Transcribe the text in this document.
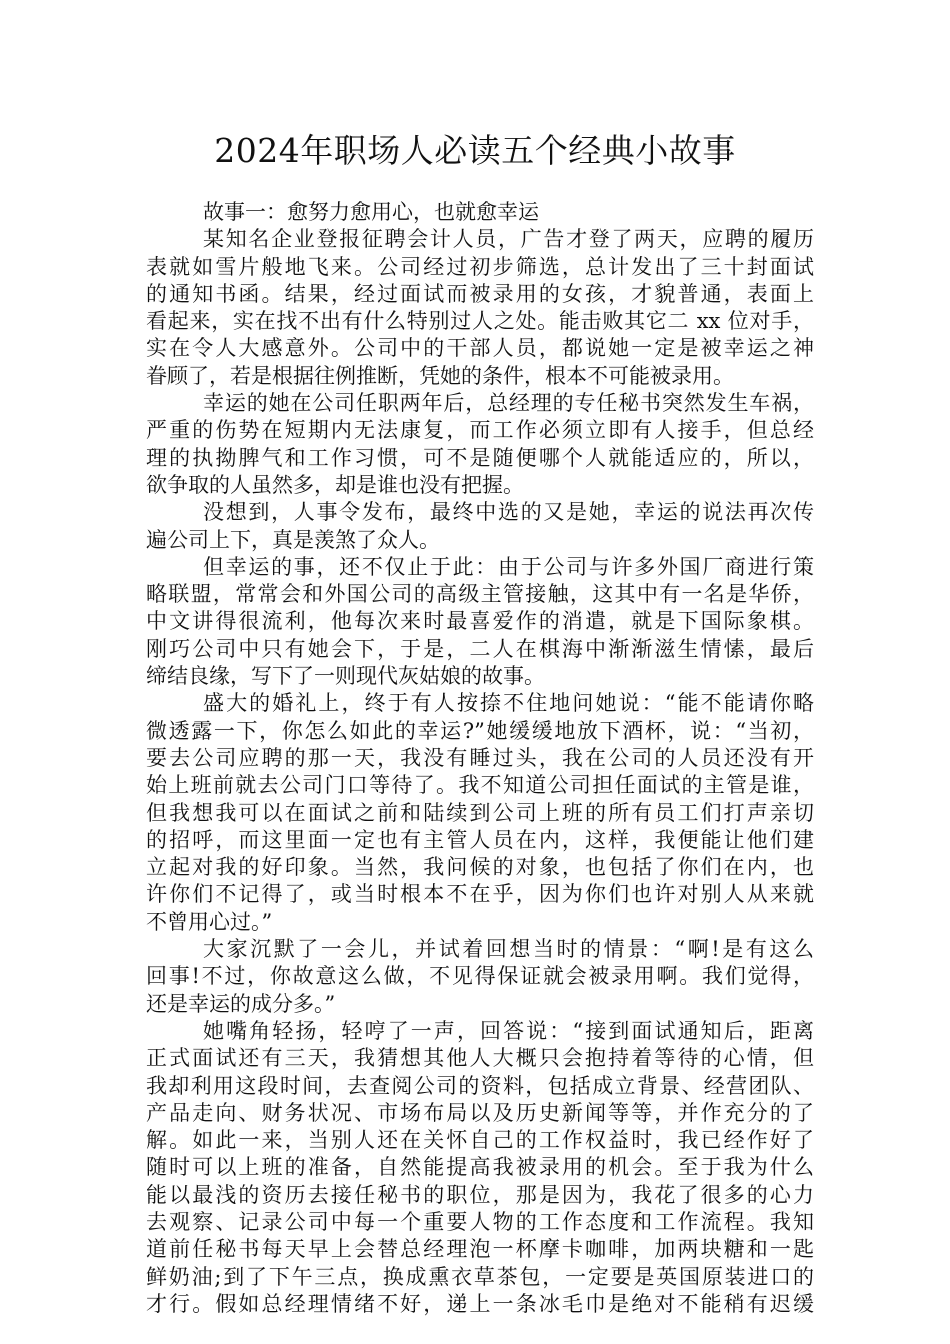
2024年职场人必读五个经典小故事
故事一：愈努力愈用心，也就愈幸运
某知名企业登报征聘会计人员，广告才登了两天，应聘的履历
表就如雪片般地飞来。公司经过初步筛选，总计发出了三十封面试
的通知书函。结果，经过面试而被录用的女孩，才貌普通，表面上
看起来，实在找不出有什么特别过人之处。能击败其它二 xx 位对手，
实在令人大感意外。公司中的干部人员，都说她一定是被幸运之神
眷顾了，若是根据往例推断，凭她的条件，根本不可能被录用。
幸运的她在公司任职两年后，总经理的专任秘书突然发生车祸，
严重的伤势在短期内无法康复，而工作必须立即有人接手，但总经
理的执拗脾气和工作习惯，可不是随便哪个人就能适应的，所以，
欲争取的人虽然多，却是谁也没有把握。
没想到，人事令发布，最终中选的又是她，幸运的说法再次传
遍公司上下，真是羡煞了众人。
但幸运的事，还不仅止于此：由于公司与许多外国厂商进行策
略联盟，常常会和外国公司的高级主管接触，这其中有一名是华侨，
中文讲得很流利，他每次来时最喜爱作的消遣，就是下国际象棋。
刚巧公司中只有她会下，于是，二人在棋海中渐渐滋生情愫，最后
缔结良缘，写下了一则现代灰姑娘的故事。
盛大的婚礼上，终于有人按捺不住地问她说：“能不能请你略
微透露一下，你怎么如此的幸运?”她缓缓地放下酒杯，说：“当初，
要去公司应聘的那一天，我没有睡过头，我在公司的人员还没有开
始上班前就去公司门口等待了。我不知道公司担任面试的主管是谁，
但我想我可以在面试之前和陆续到公司上班的所有员工们打声亲切
的招呼，而这里面一定也有主管人员在内，这样，我便能让他们建
立起对我的好印象。当然，我问候的对象，也包括了你们在内，也
许你们不记得了，或当时根本不在乎，因为你们也许对别人从来就
不曾用心过。”
大家沉默了一会儿，并试着回想当时的情景：“啊!是有这么
回事!不过，你故意这么做，不见得保证就会被录用啊。我们觉得，
还是幸运的成分多。”
她嘴角轻扬，轻哼了一声，回答说：“接到面试通知后，距离
正式面试还有三天，我猜想其他人大概只会抱持着等待的心情，但
我却利用这段时间，去查阅公司的资料，包括成立背景、经营团队、
产品走向、财务状况、市场布局以及历史新闻等等，并作充分的了
解。如此一来，当别人还在关怀自己的工作权益时，我已经作好了
随时可以上班的准备，自然能提高我被录用的机会。至于我为什么
能以最浅的资历去接任秘书的职位，那是因为，我花了很多的心力
去观察、记录公司中每一个重要人物的工作态度和工作流程。我知
道前任秘书每天早上会替总经理泡一杯摩卡咖啡，加两块糖和一匙
鲜奶油;到了下午三点，换成熏衣草茶包，一定要是英国原装进口的
才行。假如总经理情绪不好，递上一条冰毛巾是绝对不能稍有迟缓
